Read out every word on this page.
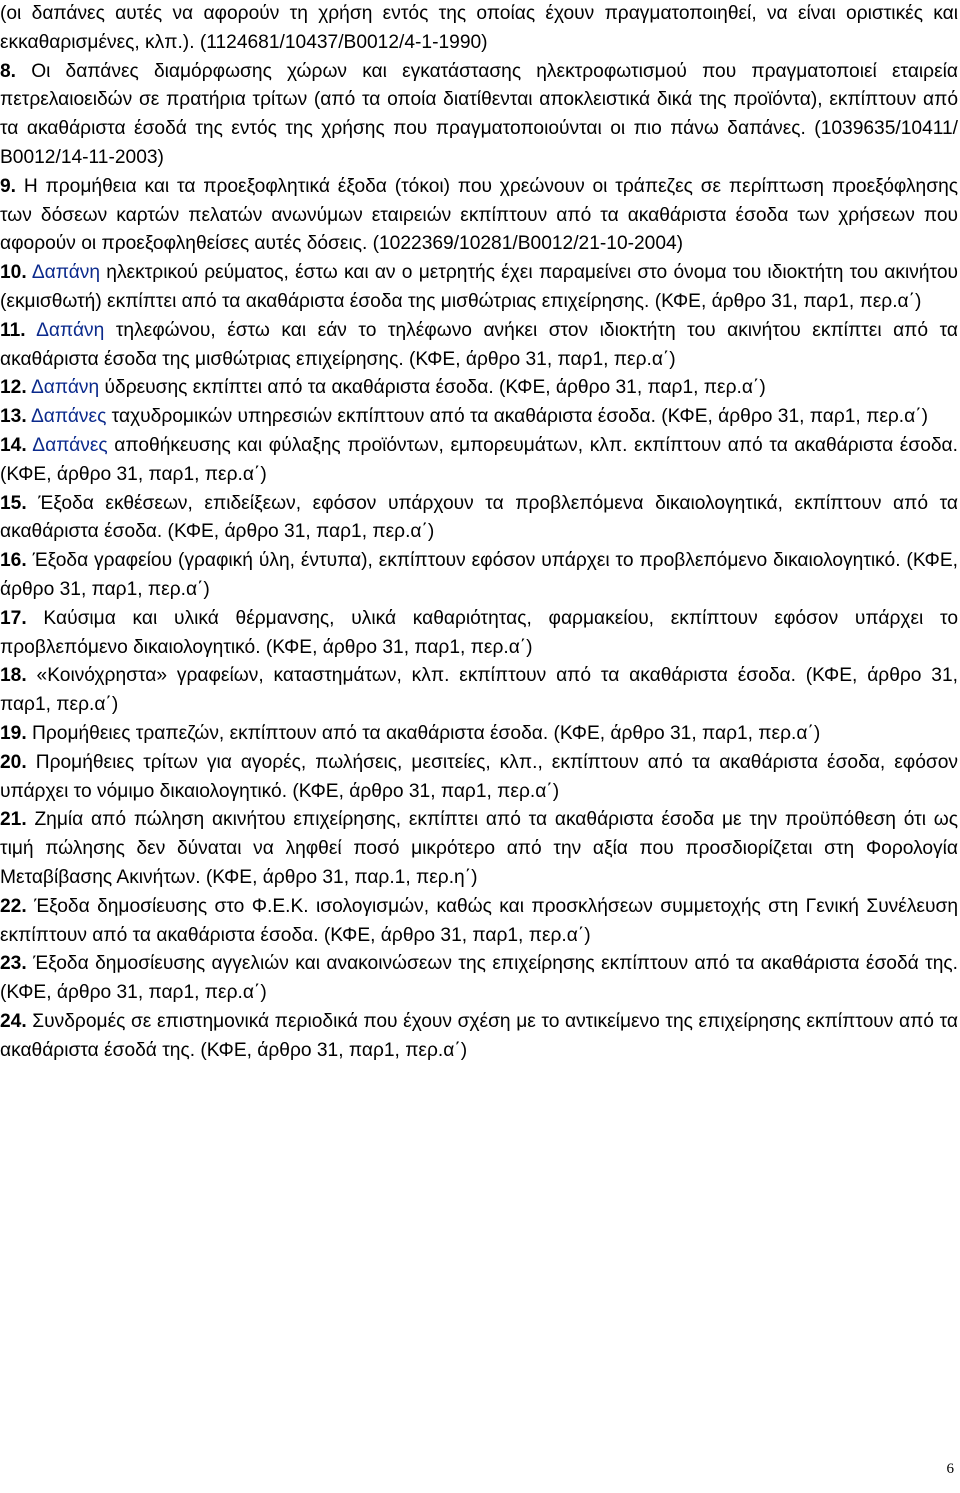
(οι δαπάνες αυτές να αφορούν τη χρήση εντός της οποίας έχουν πραγματοποιηθεί, να είναι οριστικές και εκκαθαρισμένες, κλπ.). (1124681/10437/Β0012/4-1-1990)

8. Οι δαπάνες διαμόρφωσης χώρων και εγκατάστασης ηλεκτροφωτισμού που πραγματοποιεί εταιρεία πετρελαιοειδών σε πρατήρια τρίτων (από τα οποία διατίθενται αποκλειστικά δικά της προϊόντα), εκπίπτουν από τα ακαθάριστα έσοδά της εντός της χρήσης που πραγματοποιούνται οι πιο πάνω δαπάνες. (1039635/10411/Β0012/14-11-2003)

9. Η προμήθεια και τα προεξοφλητικά έξοδα (τόκοι) που χρεώνουν οι τράπεζες σε περίπτωση προεξόφλησης των δόσεων καρτών πελατών ανωνύμων εταιρειών εκπίπτουν από τα ακαθάριστα έσοδα των χρήσεων που αφορούν οι προεξοφληθείσες αυτές δόσεις. (1022369/10281/Β0012/21-10-2004)

10. Δαπάνη ηλεκτρικού ρεύματος, έστω και αν ο μετρητής έχει παραμείνει στο όνομα του ιδιοκτήτη του ακινήτου (εκμισθωτή) εκπίπτει από τα ακαθάριστα έσοδα της μισθώτριας επιχείρησης. (ΚΦΕ, άρθρο 31, παρ1, περ.α΄)

11. Δαπάνη τηλεφώνου, έστω και εάν το τηλέφωνο ανήκει στον ιδιοκτήτη του ακινήτου εκπίπτει από τα ακαθάριστα έσοδα της μισθώτριας επιχείρησης. (ΚΦΕ, άρθρο 31, παρ1, περ.α΄)

12. Δαπάνη ύδρευσης εκπίπτει από τα ακαθάριστα έσοδα. (ΚΦΕ, άρθρο 31, παρ1, περ.α΄)

13. Δαπάνες ταχυδρομικών υπηρεσιών εκπίπτουν από τα ακαθάριστα έσοδα. (ΚΦΕ, άρθρο 31, παρ1, περ.α΄)

14. Δαπάνες αποθήκευσης και φύλαξης προϊόντων, εμπορευμάτων, κλπ. εκπίπτουν από τα ακαθάριστα έσοδα. (ΚΦΕ, άρθρο 31, παρ1, περ.α΄)

15. Έξοδα εκθέσεων, επιδείξεων, εφόσον υπάρχουν τα προβλεπόμενα δικαιολογητικά, εκπίπτουν από τα ακαθάριστα έσοδα. (ΚΦΕ, άρθρο 31, παρ1, περ.α΄)

16. Έξοδα γραφείου (γραφική ύλη, έντυπα), εκπίπτουν εφόσον υπάρχει το προβλεπόμενο δικαιολογητικό. (ΚΦΕ, άρθρο 31, παρ1, περ.α΄)

17. Καύσιμα και υλικά θέρμανσης, υλικά καθαριότητας, φαρμακείου, εκπίπτουν εφόσον υπάρχει το προβλεπόμενο δικαιολογητικό. (ΚΦΕ, άρθρο 31, παρ1, περ.α΄)

18. «Κοινόχρηστα» γραφείων, καταστημάτων, κλπ. εκπίπτουν από τα ακαθάριστα έσοδα. (ΚΦΕ, άρθρο 31, παρ1, περ.α΄)

19. Προμήθειες τραπεζών, εκπίπτουν από τα ακαθάριστα έσοδα. (ΚΦΕ, άρθρο 31, παρ1, περ.α΄)

20. Προμήθειες τρίτων για αγορές, πωλήσεις, μεσιτείες, κλπ., εκπίπτουν από τα ακαθάριστα έσοδα, εφόσον υπάρχει το νόμιμο δικαιολογητικό. (ΚΦΕ, άρθρο 31, παρ1, περ.α΄)

21. Ζημία από πώληση ακινήτου επιχείρησης, εκπίπτει από τα ακαθάριστα έσοδα με την προϋπόθεση ότι ως τιμή πώλησης δεν δύναται να ληφθεί ποσό μικρότερο από την αξία που προσδιορίζεται στη Φορολογία Μεταβίβασης Ακινήτων. (ΚΦΕ, άρθρο 31, παρ.1, περ.η΄)

22. Έξοδα δημοσίευσης στο Φ.Ε.Κ. ισολογισμών, καθώς και προσκλήσεων συμμετοχής στη Γενική Συνέλευση εκπίπτουν από τα ακαθάριστα έσοδα. (ΚΦΕ, άρθρο 31, παρ1, περ.α΄)

23. Έξοδα δημοσίευσης αγγελιών και ανακοινώσεων της επιχείρησης εκπίπτουν από τα ακαθάριστα έσοδά της. (ΚΦΕ, άρθρο 31, παρ1, περ.α΄)

24. Συνδρομές σε επιστημονικά περιοδικά που έχουν σχέση με το αντικείμενο της επιχείρησης εκπίπτουν από τα ακαθάριστα έσοδά της. (ΚΦΕ, άρθρο 31, παρ1, περ.α΄)

6
